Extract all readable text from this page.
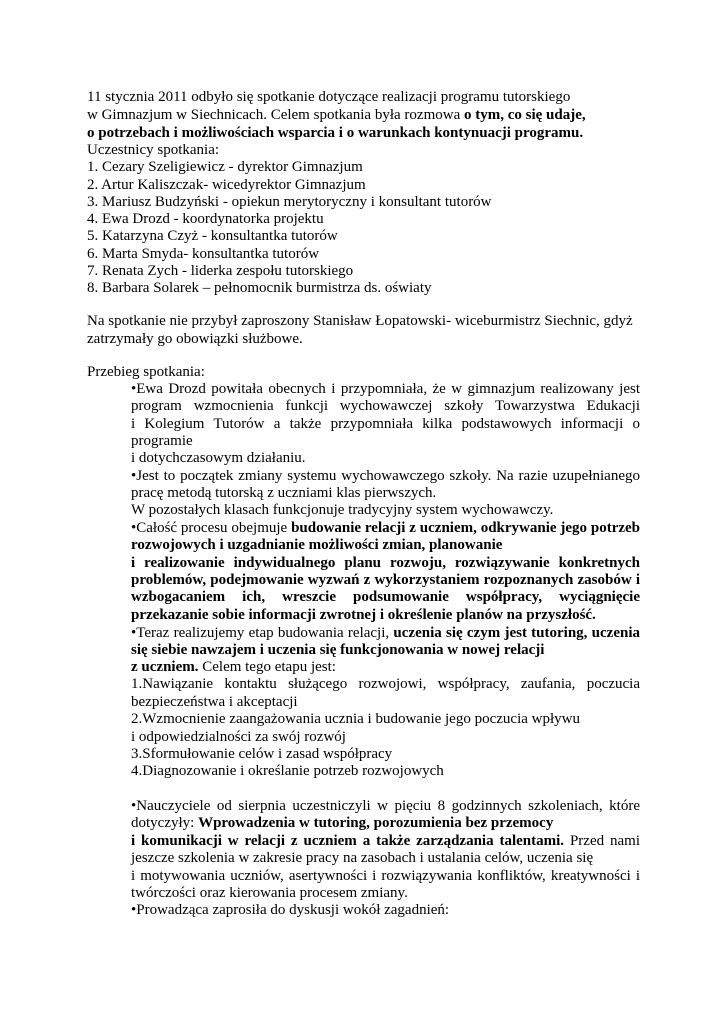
11 stycznia 2011 odbyło się spotkanie dotyczące realizacji programu tutorskiego
w Gimnazjum w Siechnicach. Celem spotkania była rozmowa o tym, co się udaje,
o potrzebach i możliwościach wsparcia i o warunkach kontynuacji programu.
Uczestnicy spotkania:
1. Cezary Szeligiewicz - dyrektor Gimnazjum
2. Artur Kaliszczak- wicedyrektor Gimnazjum
3. Mariusz Budzyński - opiekun merytoryczny i konsultant tutorów
4. Ewa Drozd - koordynatorka projektu
5. Katarzyna Czyż - konsultantka tutorów
6. Marta Smyda- konsultantka tutorów
7. Renata Zych - liderka zespołu tutorskiego
8. Barbara Solarek – pełnomocnik burmistrza ds. oświaty
Na spotkanie nie przybył zaproszony Stanisław Łopatowski- wiceburmistrz Siechnic, gdyż
zatrzymały go obowiązki służbowe.
Przebieg spotkania:
•Ewa Drozd powitała obecnych i przypomniała, że w gimnazjum realizowany jest
program wzmocnienia funkcji wychowawczej szkoły Towarzystwa Edukacji
i Kolegium Tutorów a także przypomniała kilka podstawowych informacji o
programie
i dotychczasowym działaniu.
•Jest to początek zmiany systemu wychowawczego szkoły. Na razie uzupełnianego
pracę metodą tutorską z uczniami klas pierwszych.
W pozostałych klasach funkcjonuje tradycyjny system wychowawczy.
•Całość procesu obejmuje budowanie relacji z uczniem, odkrywanie jego potrzeb
rozwojowych i uzgadnianie możliwości zmian, planowanie
i realizowanie indywidualnego planu rozwoju, rozwiązywanie konkretnych
problemów, podejmowanie wyzwań z wykorzystaniem rozpoznanych zasobów i
wzbogacaniem ich, wreszcie podsumowanie współpracy, wyciągnięcie
przekazanie sobie informacji zwrotnej i określenie planów na przyszłość.
•Teraz realizujemy etap budowania relacji, uczenia się czym jest tutoring, uczenia
się siebie nawzajem i uczenia się funkcjonowania w nowej relacji
z uczniem. Celem tego etapu jest:
1.Nawiązanie kontaktu służącego rozwojowi, współpracy, zaufania, poczucia
bezpieczeństwa i akceptacji
2.Wzmocnienie zaangażowania ucznia i budowanie jego poczucia wpływu
i odpowiedzialności za swój rozwój
3.Sformułowanie celów i zasad współpracy
4.Diagnozowanie i określanie potrzeb rozwojowych
•Nauczyciele od sierpnia uczestniczyli w pięciu 8 godzinnych szkoleniach, które
dotyczyły: Wprowadzenia w tutoring, porozumienia bez przemocy
i komunikacji w relacji z uczniem a także zarządzania talentami. Przed nami
jeszcze szkolenia w zakresie pracy na zasobach i ustalania celów, uczenia się
i motywowania uczniów, asertywności i rozwiązywania konfliktów, kreatywności i
twórczości oraz kierowania procesem zmiany.
•Prowadząca zaprosiła do dyskusji wokół zagadnień:
